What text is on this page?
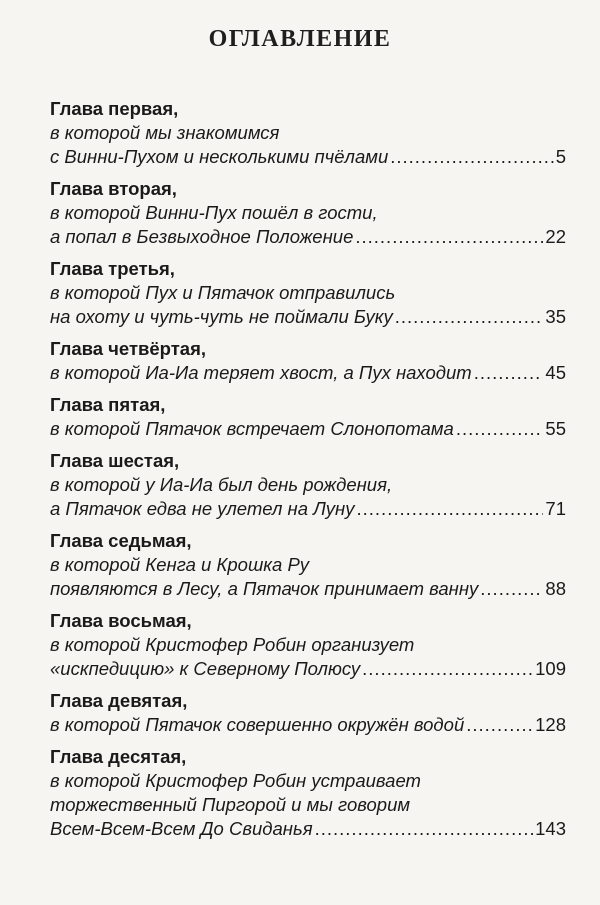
ОГЛАВЛЕНИЕ
Глава первая,
в которой мы знакомимся
с Винни-Пухом и несколькими пчёлами .....	5
Глава вторая,
в которой Винни-Пух пошёл в гости,
а попал в Безвыходное Положение .....	22
Глава третья,
в которой Пух и Пятачок отправились
на охоту и чуть-чуть не поймали Буку .....	35
Глава четвёртая,
в которой Иа-Иа теряет хвост, а Пух находит .....	45
Глава пятая,
в которой Пятачок встречает Слонопотама .....	55
Глава шестая,
в которой у Иа-Иа был день рождения,
а Пятачок едва не улетел на Луну .....	71
Глава седьмая,
в которой Кенга и Крошка Ру
появляются в Лесу, а Пятачок принимает ванну .....	88
Глава восьмая,
в которой Кристофер Робин организует
«искпедицию» к Северному Полюсу .....	109
Глава девятая,
в которой Пятачок совершенно окружён водой .....	128
Глава десятая,
в которой Кристофер Робин устраивает
торжественный Пиргорой и мы говорим
Всем-Всем-Всем До Свиданья .....	143
